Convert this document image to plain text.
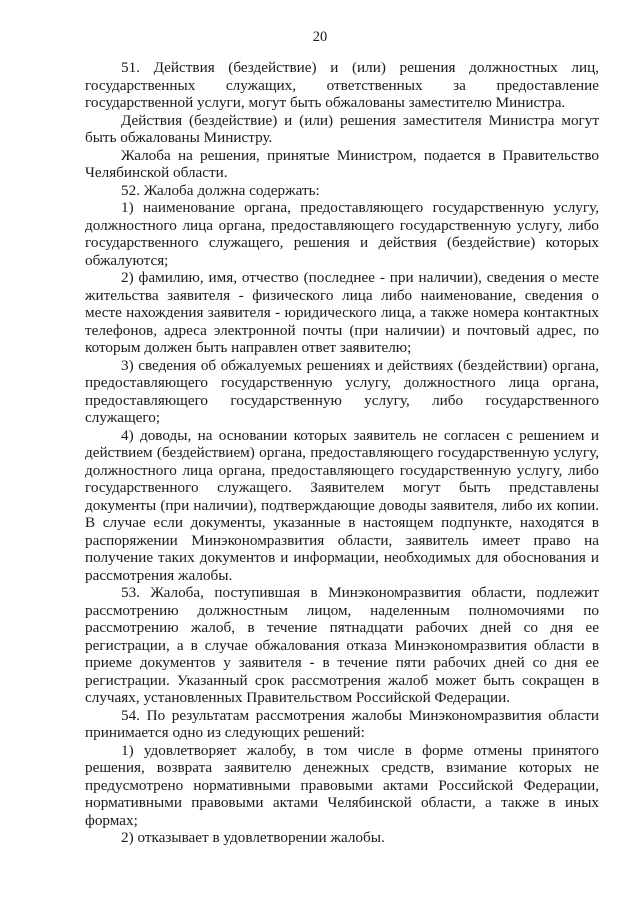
20

51. Действия (бездействие) и (или) решения должностных лиц, государственных служащих, ответственных за предоставление государственной услуги, могут быть обжалованы заместителю Министра.

Действия (бездействие) и (или) решения заместителя Министра могут быть обжалованы Министру.

Жалоба на решения, принятые Министром, подается в Правительство Челябинской области.

52. Жалоба должна содержать:

1) наименование органа, предоставляющего государственную услугу, должностного лица органа, предоставляющего государственную услугу, либо государственного служащего, решения и действия (бездействие) которых обжалуются;

2) фамилию, имя, отчество (последнее - при наличии), сведения о месте жительства заявителя - физического лица либо наименование, сведения о месте нахождения заявителя - юридического лица, а также номера контактных телефонов, адреса электронной почты (при наличии) и почтовый адрес, по которым должен быть направлен ответ заявителю;

3) сведения об обжалуемых решениях и действиях (бездействии) органа, предоставляющего государственную услугу, должностного лица органа, предоставляющего государственную услугу, либо государственного служащего;

4) доводы, на основании которых заявитель не согласен с решением и действием (бездействием) органа, предоставляющего государственную услугу, должностного лица органа, предоставляющего государственную услугу, либо государственного служащего. Заявителем могут быть представлены документы (при наличии), подтверждающие доводы заявителя, либо их копии. В случае если документы, указанные в настоящем подпункте, находятся в распоряжении Минэкономразвития области, заявитель имеет право на получение таких документов и информации, необходимых для обоснования и рассмотрения жалобы.

53. Жалоба, поступившая в Минэкономразвития области, подлежит рассмотрению должностным лицом, наделенным полномочиями по рассмотрению жалоб, в течение пятнадцати рабочих дней со дня ее регистрации, а в случае обжалования отказа Минэкономразвития области в приеме документов у заявителя - в течение пяти рабочих дней со дня ее регистрации. Указанный срок рассмотрения жалоб может быть сокращен в случаях, установленных Правительством Российской Федерации.

54. По результатам рассмотрения жалобы Минэкономразвития области принимается одно из следующих решений:

1) удовлетворяет жалобу, в том числе в форме отмены принятого решения, возврата заявителю денежных средств, взимание которых не предусмотрено нормативными правовыми актами Российской Федерации, нормативными правовыми актами Челябинской области, а также в иных формах;

2) отказывает в удовлетворении жалобы.
